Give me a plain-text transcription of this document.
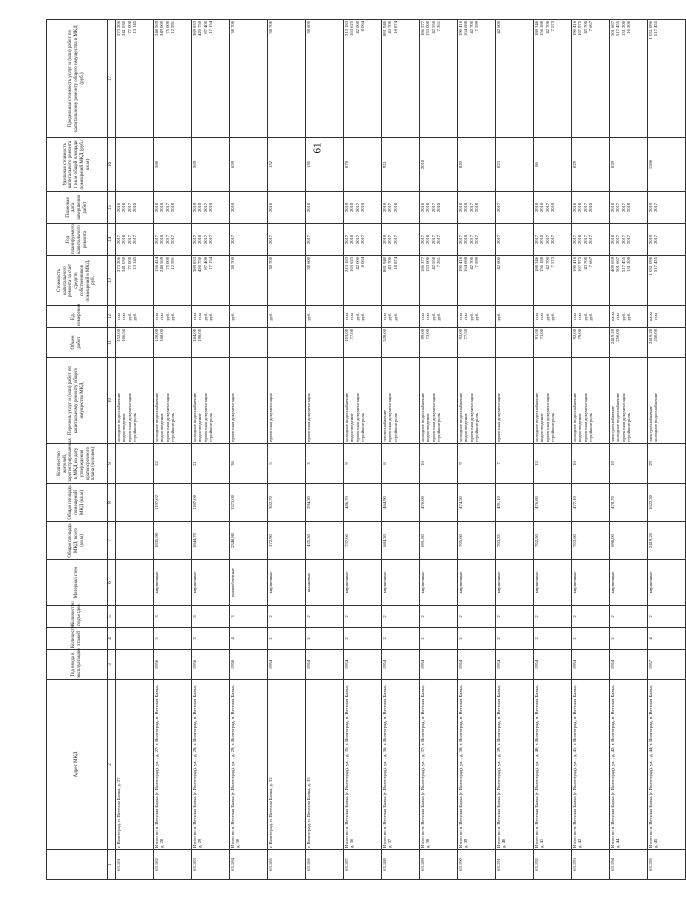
61
	Адрес МКД	Год ввода в эксплуатацию	Количество этажей	Количество подъездов	Материал стен	Общая площадь МКД, всего (кв.м)	Общая площадь помещений МКД (кв.м)	Количество жителей, зарегистрированных в МКД на дату утверждения краткосрочного плана (человек)	Перечень услуг и (или) работ по капитальному ремонту общего имущества МКД	Объем работ	Ед. измерения	Стоимость капитального ремонта за счет средств собственников помещений в МКД, руб.	Год планируемого капитального ремонта	Плановая дата завершения работ	Удельная стоимость капитального ремонта 1 кв.м общей площади помещений МКД (руб./кв.м)	Предельная стоимость услуг и (или) работ по капитальному ремонту общего имущества в МКД (руб.)
1	2	3	4	5	6	7	8	9	10	11	12	13	14	15	16	17
63.181	г. Волгоград, п. Веселая Балка, д. 27								холодное водоснабжение водоотведение проектная документация стройконтроль	152,00 106,50	п.м п.м руб. руб.	273 206 341 030 77 000 13 145	2017 2018 2017 2017	2018 2018 2017 2018		273 206 341 030 77 000 13 145

63.182	Итого по п. Веселая Балка (г. Волгоград), ул. , д. 27; г. Волгоград, п. Веселая Балка, д. 28	1956	3	3	кирпичные	1835,90	1197,02	22	холодное водоснабжение водоотведение проектная документация стройконтроль	126,00 168,00	п.м п.м руб. руб.	136 414 248 569 75 000 12 591	2017 2018 2017 2017	2018 2018 2017 2018	588	248 569 349 000 75 000 12 591

63.183	Итого по п. Веселая Балка (г. Волгоград), ул. , д. 28; г. Волгоград, п. Веселая Балка, д. 29	1956	3	3	кирпичные	1844,70	1187,00	21	холодное водоснабжение водоотведение проектная документация стройконтроль	184,00 198,00	п.м п.м руб. руб.	389 833 420 750 87 400 17 154	2017 2018 2017 2017	2018 2018 2017 2018	569	389 833 420 750 87 400 17 154

63.184	Итого по п. Веселая Балка (г. Волгоград), ул. , д. 29; г. Волгоград, п. Веселая Балка, д. 30	1958	4	3	шлакоблочные	2348,80	1573,00	36	проектная документация		руб.	38 700	2017	2018	659	38 700

63.185	г. Волгоград, п. Веселая Балка, д. 32	1954	2	2	кирпичные	372,90	302,70	5	проектная документация		руб.	38 700	2017	2018	132	38 700

63.186	г. Волгоград, п. Веселая Балка, д. 35	1954	2	2	шлаковые	435,50	294,30	3	проектная документация		руб.	38 600	2017	2018	130	38 600

63.187	Итого по п. Веселая Балка (г. Волгоград), ул. , д. 35; г. Волгоград, п. Веселая Балка, д. 36	1954	2	2	кирпичные	737,06	486,70	9	холодное водоснабжение водоотведение проектная документация стройконтроль	103,00 77,00	п.м п.м руб. руб.	213 183 163 625 42 000 8 064	2017 2018 2017 2017	2018 2018 2017 2018	878	213 183 163 625 42 000 8 064

63.188	Итого по п. Веселая Балка (г. Волгоград), ул. , д. 36; г. Волгоград, п. Веселая Балка, д. 37	1954	2	2	кирпичные	684,30	464,90	8	теплоснабжение проектная документация стройконтроль	528,00	п.м руб. руб.	881 940 43 700 18 874	2018 2017 2017	2018 2017 2018	921	881 940 43 700 18 874

63.189	Итого по п. Веселая Балка (г. Волгоград), ул. , д. 37; г. Волгоград, п. Веселая Балка, д. 38	1954	2	2	кирпичные	691,80	470,00	10	холодное водоснабжение водоотведение проектная документация стройконтроль	99,00 72,00	п.м п.м руб. руб.	186 377 153 000 42 550 7 261	2017 2018 2017 2017	2018 2018 2017 2018	2010	186 377 153 000 42 550 7 261

63.190	Итого по п. Веселая Балка (г. Волгоград), ул. , д. 38; г. Волгоград, п. Веселая Балка, д. 39	1954	2	2	кирпичные	705,60	474,50	9	холодное водоснабжение водоотведение проектная документация стройконтроль	92,00 77,50	п.м п.м руб. руб.	190 416 164 688 42 700 7 599	2017 2018 2017 2017	2018 2018 2017 2018	820	190 416 164 688 42 700 7 599

63.191	Итого по п. Веселая Балка (г. Волгоград), ул. , д. 39; г. Волгоград, п. Веселая Балка, д. 40	1954	2	2	кирпичные	703,35	491,10	7	проектная документация		руб.	42 600	2017	2017	823	42 600

63.192	Итого по п. Веселая Балка (г. Волгоград), ул. , д. 40; г. Волгоград, п. Веселая Балка, д. 41	1954	2	2	кирпичные	702,50	476,80	13	холодное водоснабжение водоотведение проектная документация стройконтроль	91,00 73,00	п.м п.м руб. руб.	188 346 156 188 42 700 7 573	2017 2018 2017 2017	2018 2018 2017 2018	86	188 346 156 188 42 700 7 573

63.193	Итого по п. Веселая Балка (г. Волгоград), ул. , д. 41; г. Волгоград, п. Веселая Балка, д. 42	1954	2	2	кирпичные	703,60	477,10	10	холодное водоснабжение водоотведение проектная документация стройконтроль	92,00 79,00	п.м п.м руб. руб.	190 416 167 975 43 700 7 667	2017 2018 2017 2017	2018 2018 2017 2018	829	190 416 167 975 43 700 7 667

63.194	Итого по п. Веселая Балка (г. Волгоград), ул. , д. 42; г. Волгоград, п. Веселая Балка, д. 44	1954	2	2	кирпичные	698,00	478,70	10	электроснабжение холодное водоснабжение проектная документация стройконтроль	2419,20 250,00	кв.м п.м руб. руб.	409 659 501 667 517 455 131 200	2018 2017 2017 2017	2018 2017 2017 2018	839	501 667 517 455 131 200 16 200

63.195	Итого по п. Веселая Балка (г. Волгоград), ул. , д. 44; г. Волгоград, п. Веселая Балка, д. 45	1957	4	2	кирпичные	2419,20	1622,30	29	электроснабжение холодное водоснабжение	2419,20 250,00	кв.м п.м	1 031 096 517 455	2018 2017	2018 2017	1586	1 031 096 517 455
